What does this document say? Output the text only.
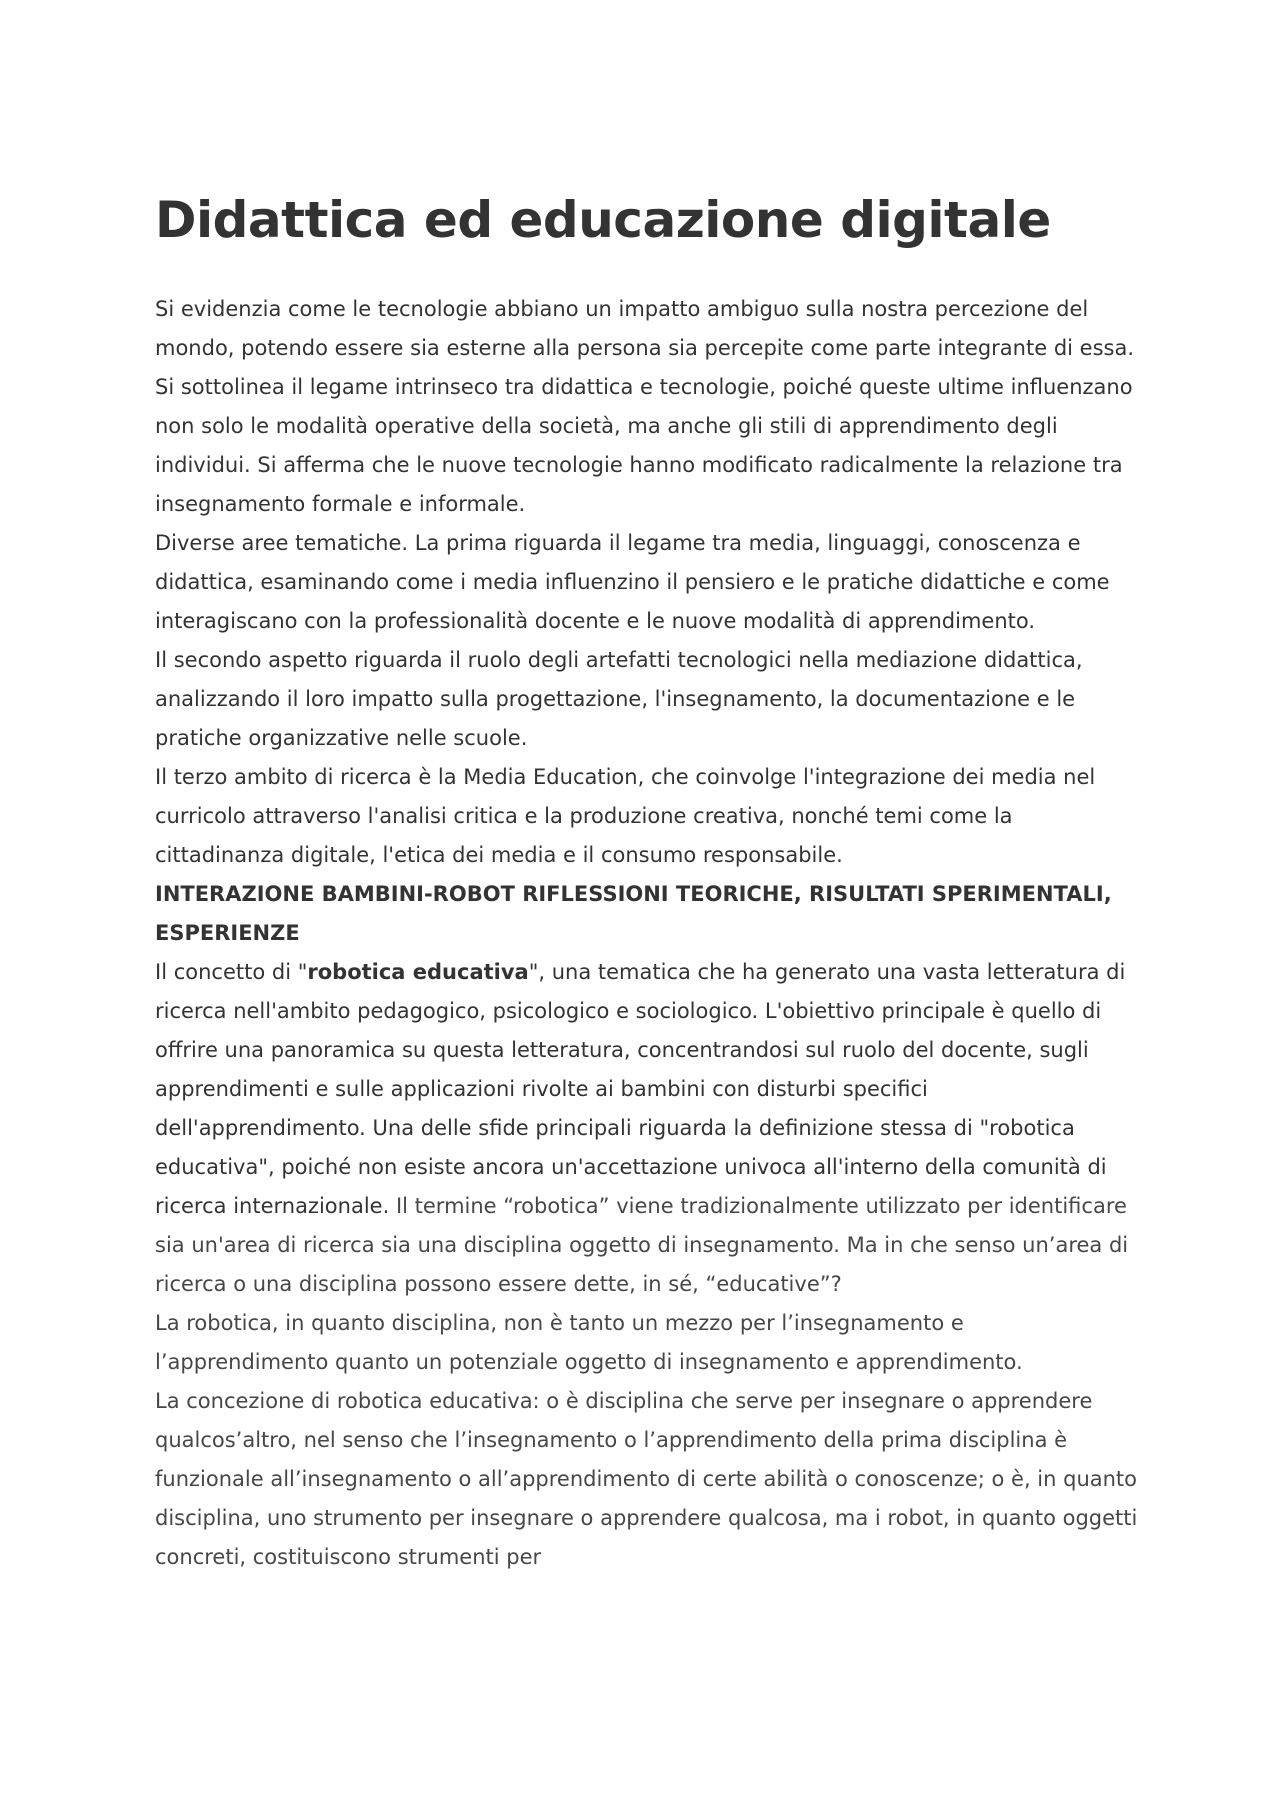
Didattica ed educazione digitale

Si evidenzia come le tecnologie abbiano un impatto ambiguo sulla nostra percezione del mondo, potendo essere sia esterne alla persona sia percepite come parte integrante di essa. Si sottolinea il legame intrinseco tra didattica e tecnologie, poiché queste ultime influenzano non solo le modalità operative della società, ma anche gli stili di apprendimento degli individui. Si afferma che le nuove tecnologie hanno modificato radicalmente la relazione tra insegnamento formale e informale.

Diverse aree tematiche. La prima riguarda il legame tra media, linguaggi, conoscenza e didattica, esaminando come i media influenzino il pensiero e le pratiche didattiche e come interagiscano con la professionalità docente e le nuove modalità di apprendimento.

Il secondo aspetto riguarda il ruolo degli artefatti tecnologici nella mediazione didattica, analizzando il loro impatto sulla progettazione, l'insegnamento, la documentazione e le pratiche organizzative nelle scuole.

Il terzo ambito di ricerca è la Media Education, che coinvolge l'integrazione dei media nel curricolo attraverso l'analisi critica e la produzione creativa, nonché temi come la cittadinanza digitale, l'etica dei media e il consumo responsabile.

INTERAZIONE BAMBINI-ROBOT RIFLESSIONI TEORICHE, RISULTATI SPERIMENTALI, ESPERIENZE

Il concetto di "robotica educativa", una tematica che ha generato una vasta letteratura di ricerca nell'ambito pedagogico, psicologico e sociologico. L'obiettivo principale è quello di offrire una panoramica su questa letteratura, concentrandosi sul ruolo del docente, sugli apprendimenti e sulle applicazioni rivolte ai bambini con disturbi specifici dell'apprendimento. Una delle sfide principali riguarda la definizione stessa di "robotica educativa", poiché non esiste ancora un'accettazione univoca all'interno della comunità di ricerca internazionale. Il termine “robotica” viene tradizionalmente utilizzato per identificare sia un'area di ricerca sia una disciplina oggetto di insegnamento. Ma in che senso un’area di ricerca o una disciplina possono essere dette, in sé, “educative”?

La robotica, in quanto disciplina, non è tanto un mezzo per l’insegnamento e l’apprendimento quanto un potenziale oggetto di insegnamento e apprendimento.

La concezione di robotica educativa: o è disciplina che serve per insegnare o apprendere qualcos’altro, nel senso che l’insegnamento o l’apprendimento della prima disciplina è funzionale all’insegnamento o all’apprendimento di certe abilità o conoscenze; o è, in quanto disciplina, uno strumento per insegnare o apprendere qualcosa, ma i robot, in quanto oggetti concreti, costituiscono strumenti per
